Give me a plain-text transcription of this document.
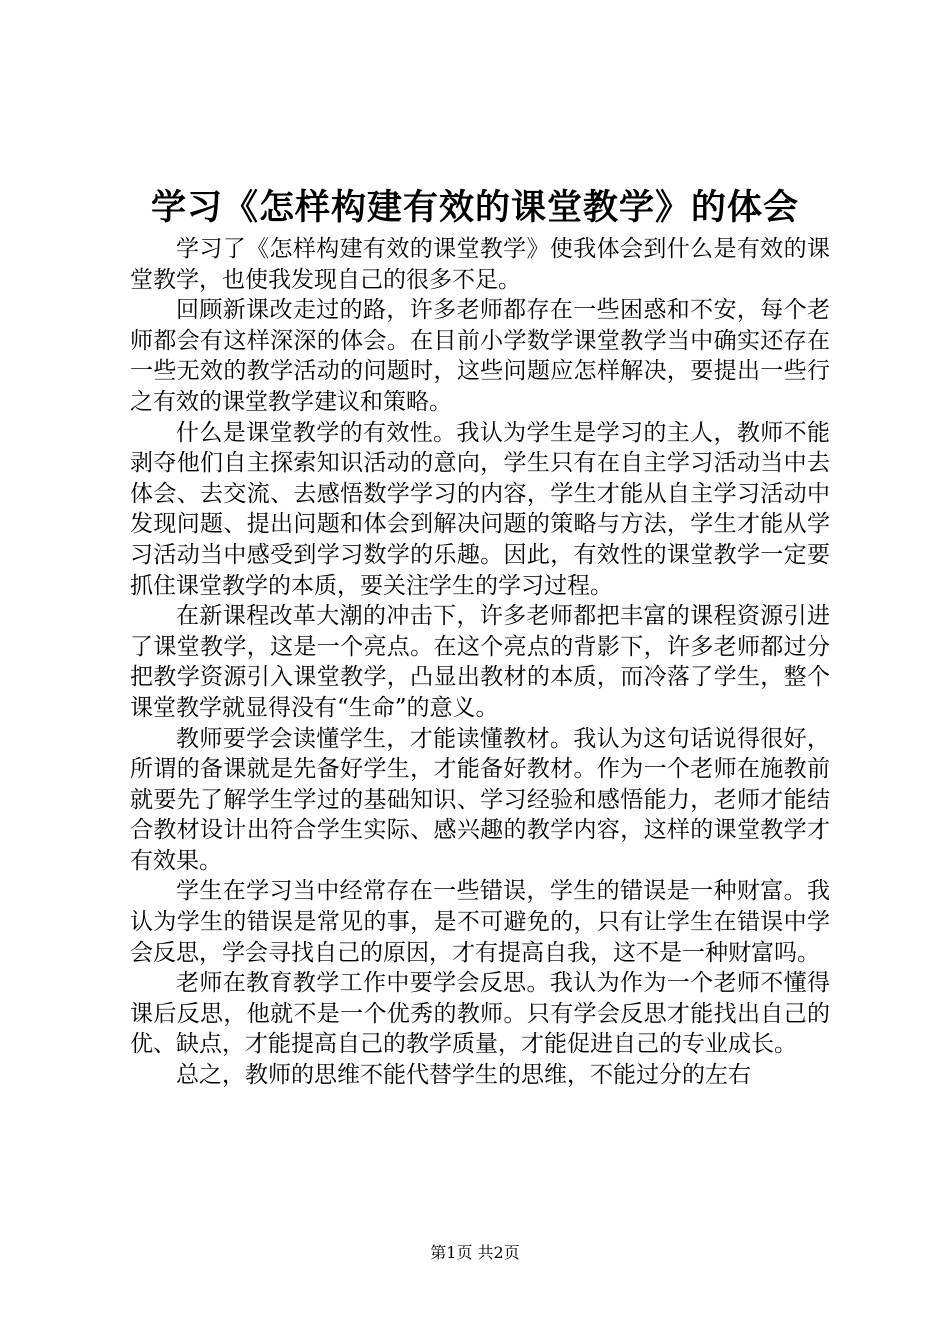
学习《怎样构建有效的课堂教学》的体会

学习了《怎样构建有效的课堂教学》使我体会到什么是有效的课堂教学，也使我发现自己的很多不足。

回顾新课改走过的路，许多老师都存在一些困惑和不安，每个老师都会有这样深深的体会。在目前小学数学课堂教学当中确实还存在一些无效的教学活动的问题时，这些问题应怎样解决，要提出一些行之有效的课堂教学建议和策略。

什么是课堂教学的有效性。我认为学生是学习的主人，教师不能剥夺他们自主探索知识活动的意向，学生只有在自主学习活动当中去体会、去交流、去感悟数学学习的内容，学生才能从自主学习活动中发现问题、提出问题和体会到解决问题的策略与方法，学生才能从学习活动当中感受到学习数学的乐趣。因此，有效性的课堂教学一定要抓住课堂教学的本质，要关注学生的学习过程。

在新课程改革大潮的冲击下，许多老师都把丰富的课程资源引进了课堂教学，这是一个亮点。在这个亮点的背影下，许多老师都过分把教学资源引入课堂教学，凸显出教材的本质，而冷落了学生，整个课堂教学就显得没有“生命”的意义。

教师要学会读懂学生，才能读懂教材。我认为这句话说得很好，所谓的备课就是先备好学生，才能备好教材。作为一个老师在施教前就要先了解学生学过的基础知识、学习经验和感悟能力，老师才能结合教材设计出符合学生实际、感兴趣的教学内容，这样的课堂教学才有效果。

学生在学习当中经常存在一些错误，学生的错误是一种财富。我认为学生的错误是常见的事，是不可避免的，只有让学生在错误中学会反思，学会寻找自己的原因，才有提高自我，这不是一种财富吗。

老师在教育教学工作中要学会反思。我认为作为一个老师不懂得课后反思，他就不是一个优秀的教师。只有学会反思才能找出自己的优、缺点，才能提高自己的教学质量，才能促进自己的专业成长。

总之，教师的思维不能代替学生的思维，不能过分的左右

第1页 共2页
